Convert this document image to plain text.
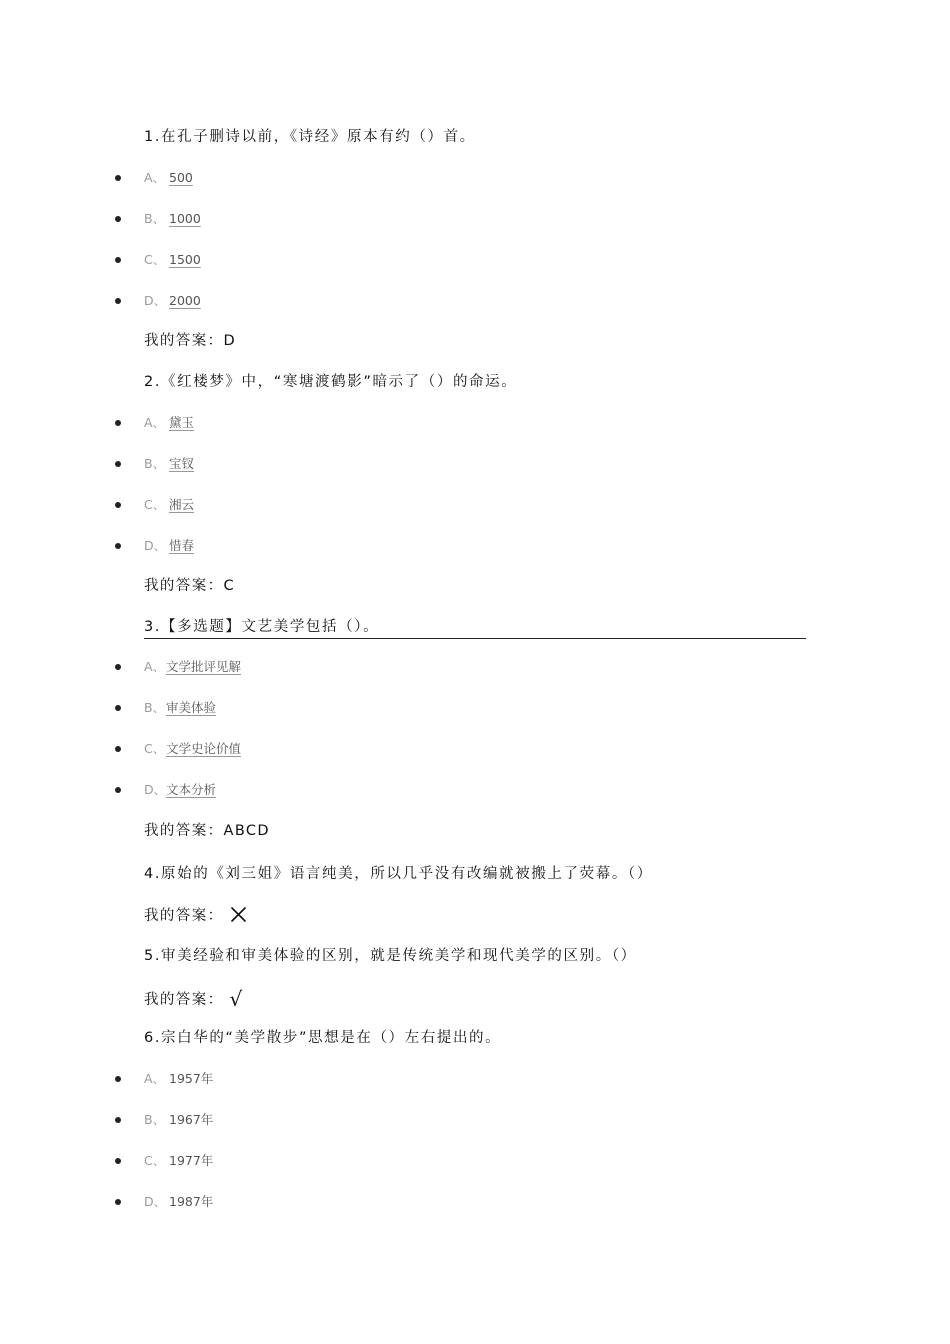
1.在孔子删诗以前，《诗经》原本有约（）首。
A、 500
B、 1000
C、 1500
D、 2000
我的答案：D
2.《红楼梦》中，“寒塘渡鹤影”暗示了（）的命运。
A、 黛玉
B、 宝钗
C、 湘云
D、 惜春
我的答案：C
3.【多选题】文艺美学包括（）。
A、 文学批评见解
B、 审美体验
C、 文学史论价值
D、 文本分析
我的答案：ABCD
4.原始的《刘三姐》语言纯美，所以几乎没有改编就被搬上了荧幕。（）
我的答案：
5.审美经验和审美体验的区别，就是传统美学和现代美学的区别。（）
我的答案： √
6.宗白华的“美学散步”思想是在（）左右提出的。
A、 1957年
B、 1967年
C、 1977年
D、 1987年
